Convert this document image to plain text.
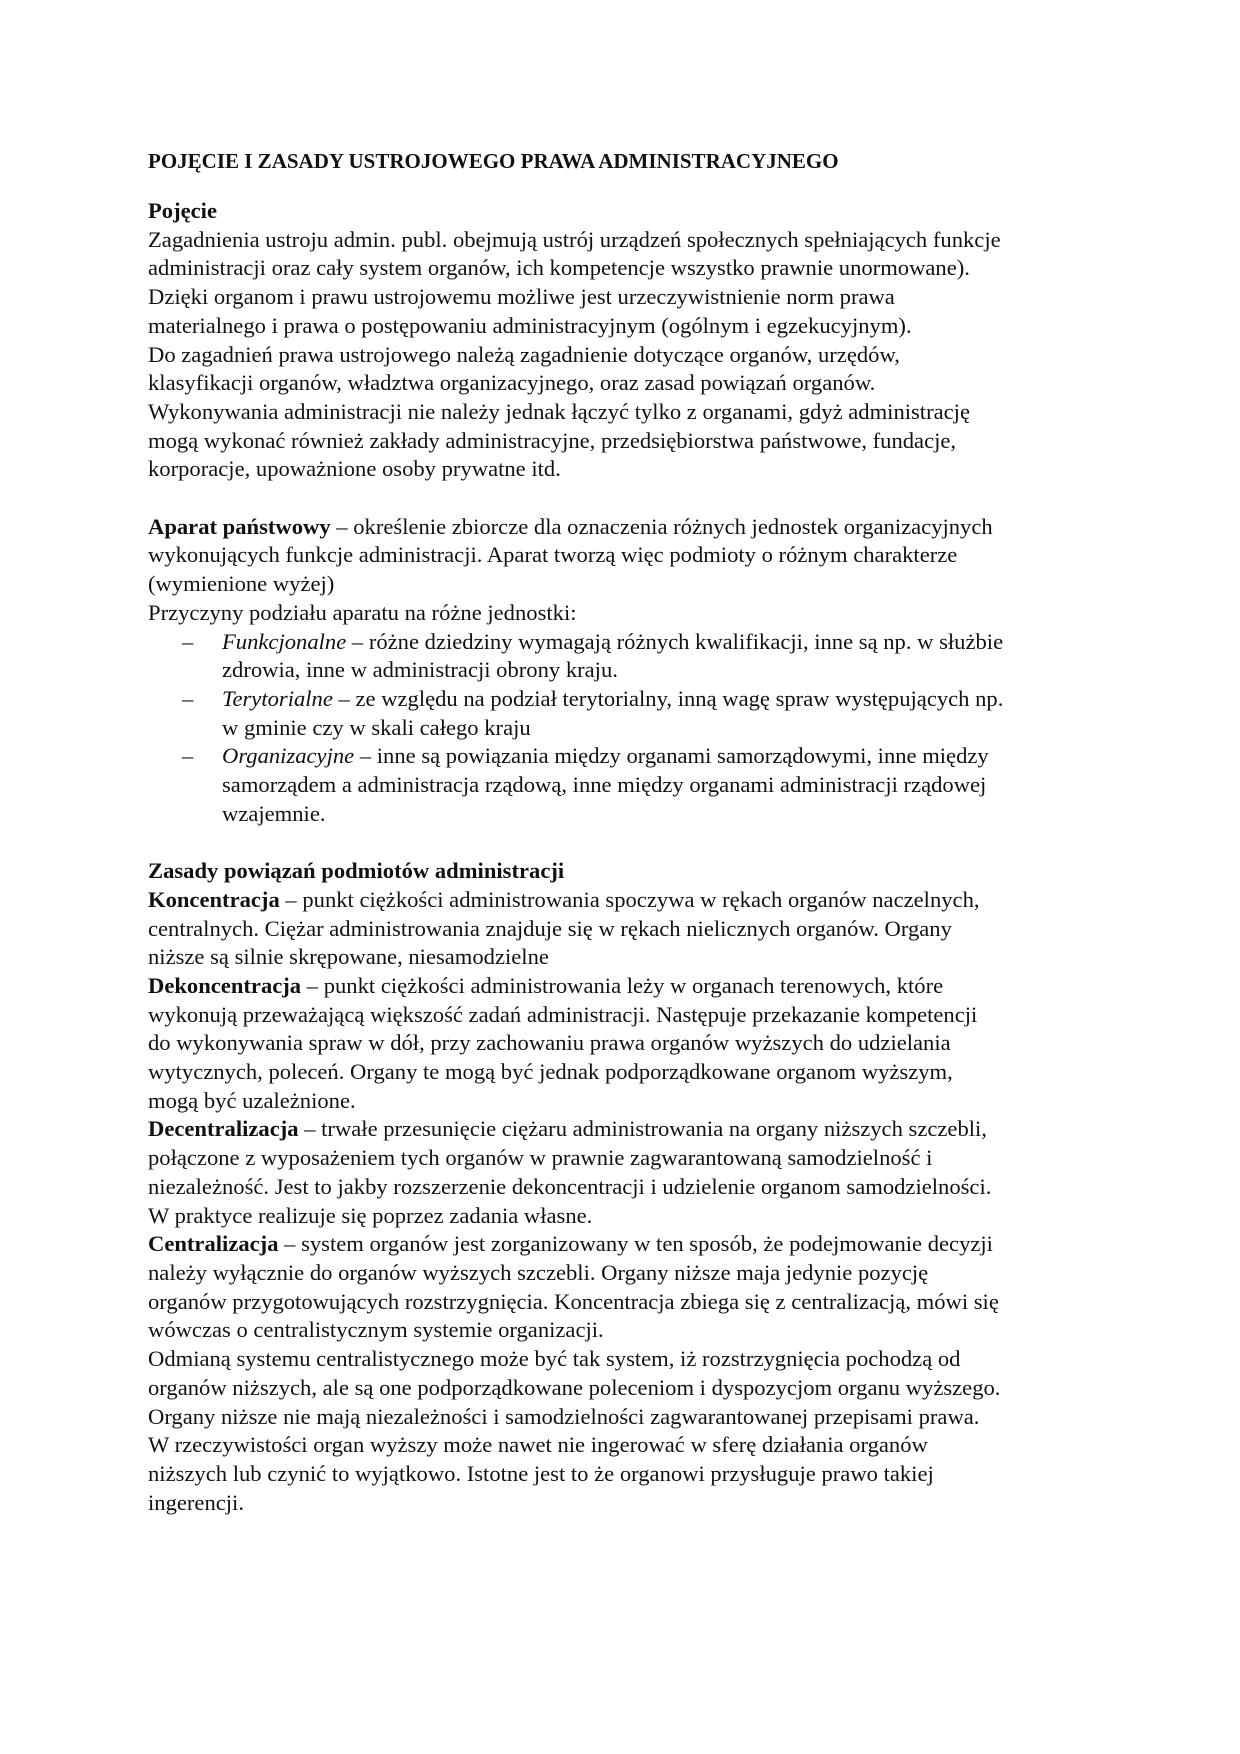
POJĘCIE I ZASADY USTROJOWEGO PRAWA ADMINISTRACYJNEGO

Pojęcie

Zagadnienia ustroju admin. publ. obejmują ustrój urządzeń społecznych spełniających funkcje

administracji oraz cały system organów, ich kompetencje wszystko prawnie unormowane).

Dzięki organom i prawu ustrojowemu możliwe jest urzeczywistnienie norm prawa

materialnego i prawa o postępowaniu administracyjnym (ogólnym i egzekucyjnym).

Do zagadnień prawa ustrojowego należą zagadnienie dotyczące organów, urzędów,

klasyfikacji organów, władztwa organizacyjnego, oraz zasad powiązań organów.

Wykonywania administracji nie należy jednak łączyć tylko z organami, gdyż administrację

mogą wykonać również zakłady administracyjne, przedsiębiorstwa państwowe, fundacje,

korporacje, upoważnione osoby prywatne itd.

Aparat państwowy – określenie zbiorcze dla oznaczenia różnych jednostek organizacyjnych

wykonujących funkcje administracji. Aparat tworzą więc podmioty o różnym charakterze

(wymienione wyżej)

Przyczyny podziału aparatu na różne jednostki:

– Funkcjonalne – różne dziedziny wymagają różnych kwalifikacji, inne są np. w służbie

zdrowia, inne w administracji obrony kraju.

– Terytorialne – ze względu na podział terytorialny, inną wagę spraw występujących np.

w gminie czy w skali całego kraju

– Organizacyjne – inne są powiązania między organami samorządowymi, inne między

samorządem a administracja rządową, inne między organami administracji rządowej

wzajemnie.

Zasady powiązań podmiotów administracji

Koncentracja – punkt ciężkości administrowania spoczywa w rękach organów naczelnych,

centralnych. Ciężar administrowania znajduje się w rękach nielicznych organów. Organy

niższe są silnie skrępowane, niesamodzielne

Dekoncentracja – punkt ciężkości administrowania leży w organach terenowych, które

wykonują przeważającą większość zadań administracji. Następuje przekazanie kompetencji

do wykonywania spraw w dół, przy zachowaniu prawa organów wyższych do udzielania

wytycznych, poleceń. Organy te mogą być jednak podporządkowane organom wyższym,

mogą być uzależnione.

Decentralizacja – trwałe przesunięcie ciężaru administrowania na organy niższych szczebli,

połączone z wyposażeniem tych organów w prawnie zagwarantowaną samodzielność i

niezależność. Jest to jakby rozszerzenie dekoncentracji i udzielenie organom samodzielności.

W praktyce realizuje się poprzez zadania własne.

Centralizacja – system organów jest zorganizowany w ten sposób, że podejmowanie decyzji

należy wyłącznie do organów wyższych szczebli. Organy niższe maja jedynie pozycję

organów przygotowujących rozstrzygnięcia. Koncentracja zbiega się z centralizacją, mówi się

wówczas o centralistycznym systemie organizacji.

Odmianą systemu centralistycznego może być tak system, iż rozstrzygnięcia pochodzą od

organów niższych, ale są one podporządkowane poleceniom i dyspozycjom organu wyższego.

Organy niższe nie mają niezależności i samodzielności zagwarantowanej przepisami prawa.

W rzeczywistości organ wyższy może nawet nie ingerować w sferę działania organów

niższych lub czynić to wyjątkowo. Istotne jest to że organowi przysługuje prawo takiej

ingerencji.
